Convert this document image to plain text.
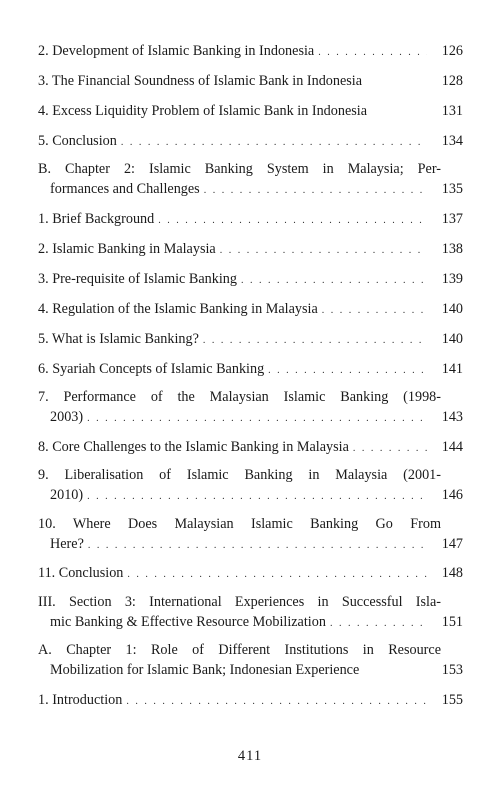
2. Development of Islamic Banking in Indonesia . . .	126
3. The Financial Soundness of Islamic Bank in Indonesia	128
4. Excess Liquidity Problem of Islamic Bank in Indonesia	131
5. Conclusion . . .	134
B. Chapter 2: Islamic Banking System in Malaysia; Per-
formances and Challenges . . .	135
1. Brief Background . . .	137
2. Islamic Banking in Malaysia . . .	138
3. Pre-requisite of Islamic Banking . . .	139
4. Regulation of the Islamic Banking in Malaysia . . .	140
5. What is Islamic Banking? . . .	140
6. Syariah Concepts of Islamic Banking . . .	141
7. Performance of the Malaysian Islamic Banking (1998-
2003) . . .	143
8. Core Challenges to the Islamic Banking in Malaysia . . .	144
9. Liberalisation of Islamic Banking in Malaysia (2001-
2010) . . .	146
10. Where Does Malaysian Islamic Banking Go From
Here? . . .	147
11. Conclusion . . .	148
III. Section 3: International Experiences in Successful Isla-
mic Banking & Effective Resource Mobilization . . .	151
A. Chapter 1: Role of Different Institutions in Resource
Mobilization for Islamic Bank; Indonesian Experience	153
1. Introduction . . .	155
411
